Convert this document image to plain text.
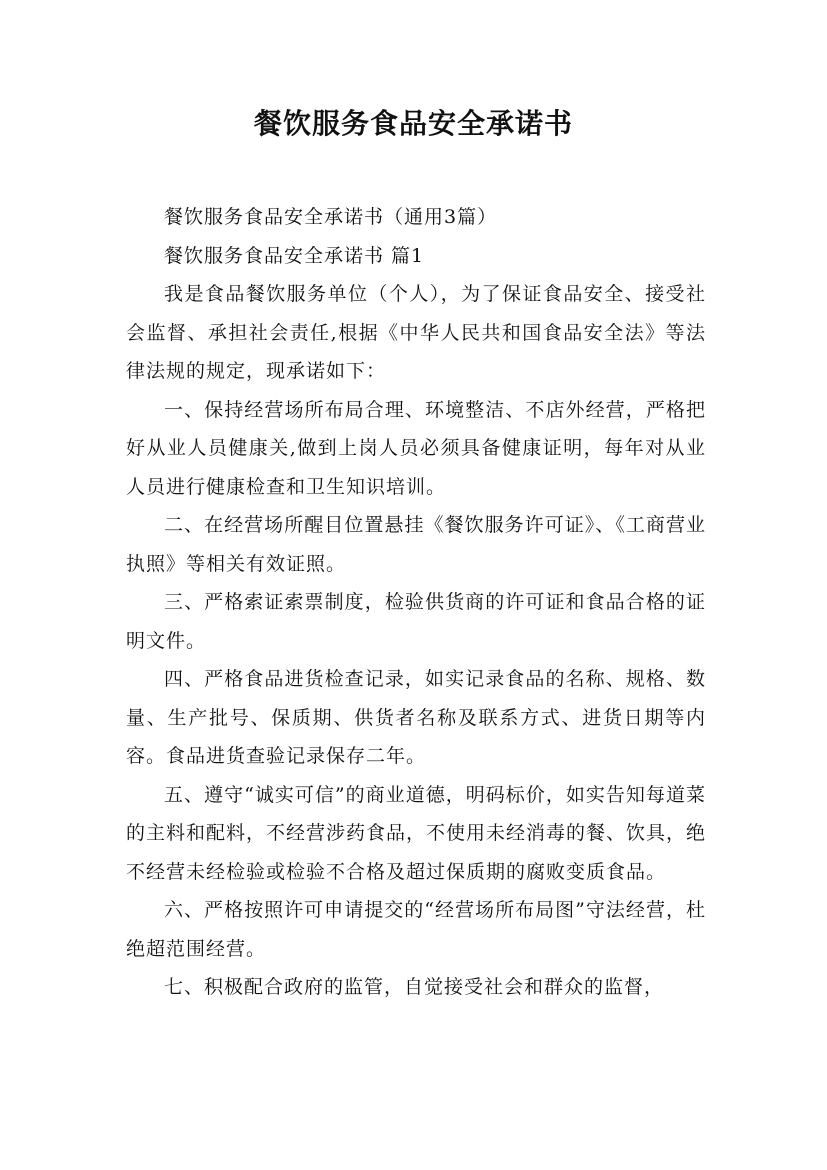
餐饮服务食品安全承诺书

餐饮服务食品安全承诺书（通用3篇）

餐饮服务食品安全承诺书 篇1

我是食品餐饮服务单位（个人），为了保证食品安全、接受社会监督、承担社会责任,根据《中华人民共和国食品安全法》等法律法规的规定，现承诺如下：

一、保持经营场所布局合理、环境整洁、不店外经营，严格把好从业人员健康关,做到上岗人员必须具备健康证明，每年对从业人员进行健康检查和卫生知识培训。

二、在经营场所醒目位置悬挂《餐饮服务许可证》、《工商营业执照》等相关有效证照。

三、严格索证索票制度，检验供货商的许可证和食品合格的证明文件。

四、严格食品进货检查记录，如实记录食品的名称、规格、数量、生产批号、保质期、供货者名称及联系方式、进货日期等内容。食品进货查验记录保存二年。

五、遵守“诚实可信”的商业道德，明码标价，如实告知每道菜的主料和配料，不经营涉药食品，不使用未经消毒的餐、饮具，绝不经营未经检验或检验不合格及超过保质期的腐败变质食品。

六、严格按照许可申请提交的“经营场所布局图”守法经营，杜绝超范围经营。

七、积极配合政府的监管，自觉接受社会和群众的监督，
